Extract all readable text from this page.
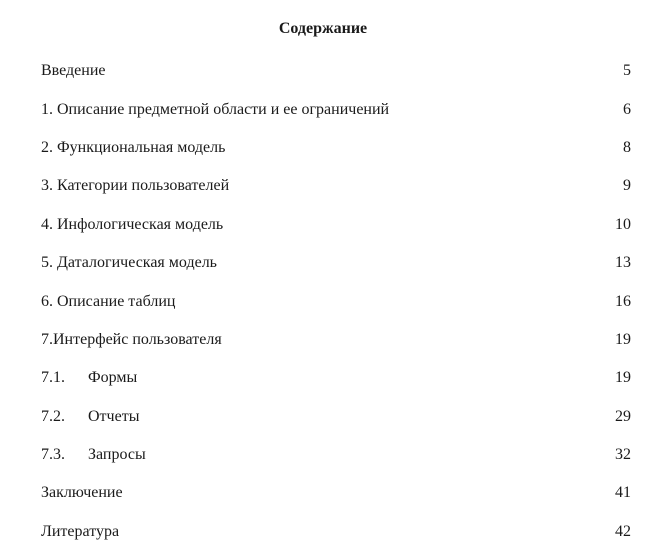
Содержание
Введение	5
1. Описание предметной области и ее ограничений	6
2. Функциональная модель	8
3. Категории пользователей	9
4. Инфологическая модель	10
5. Даталогическая модель	13
6. Описание таблиц	16
7.Интерфейс пользователя	19
7.1.	Формы	19
7.2.	Отчеты	29
7.3.	Запросы	32
Заключение	41
Литература	42
